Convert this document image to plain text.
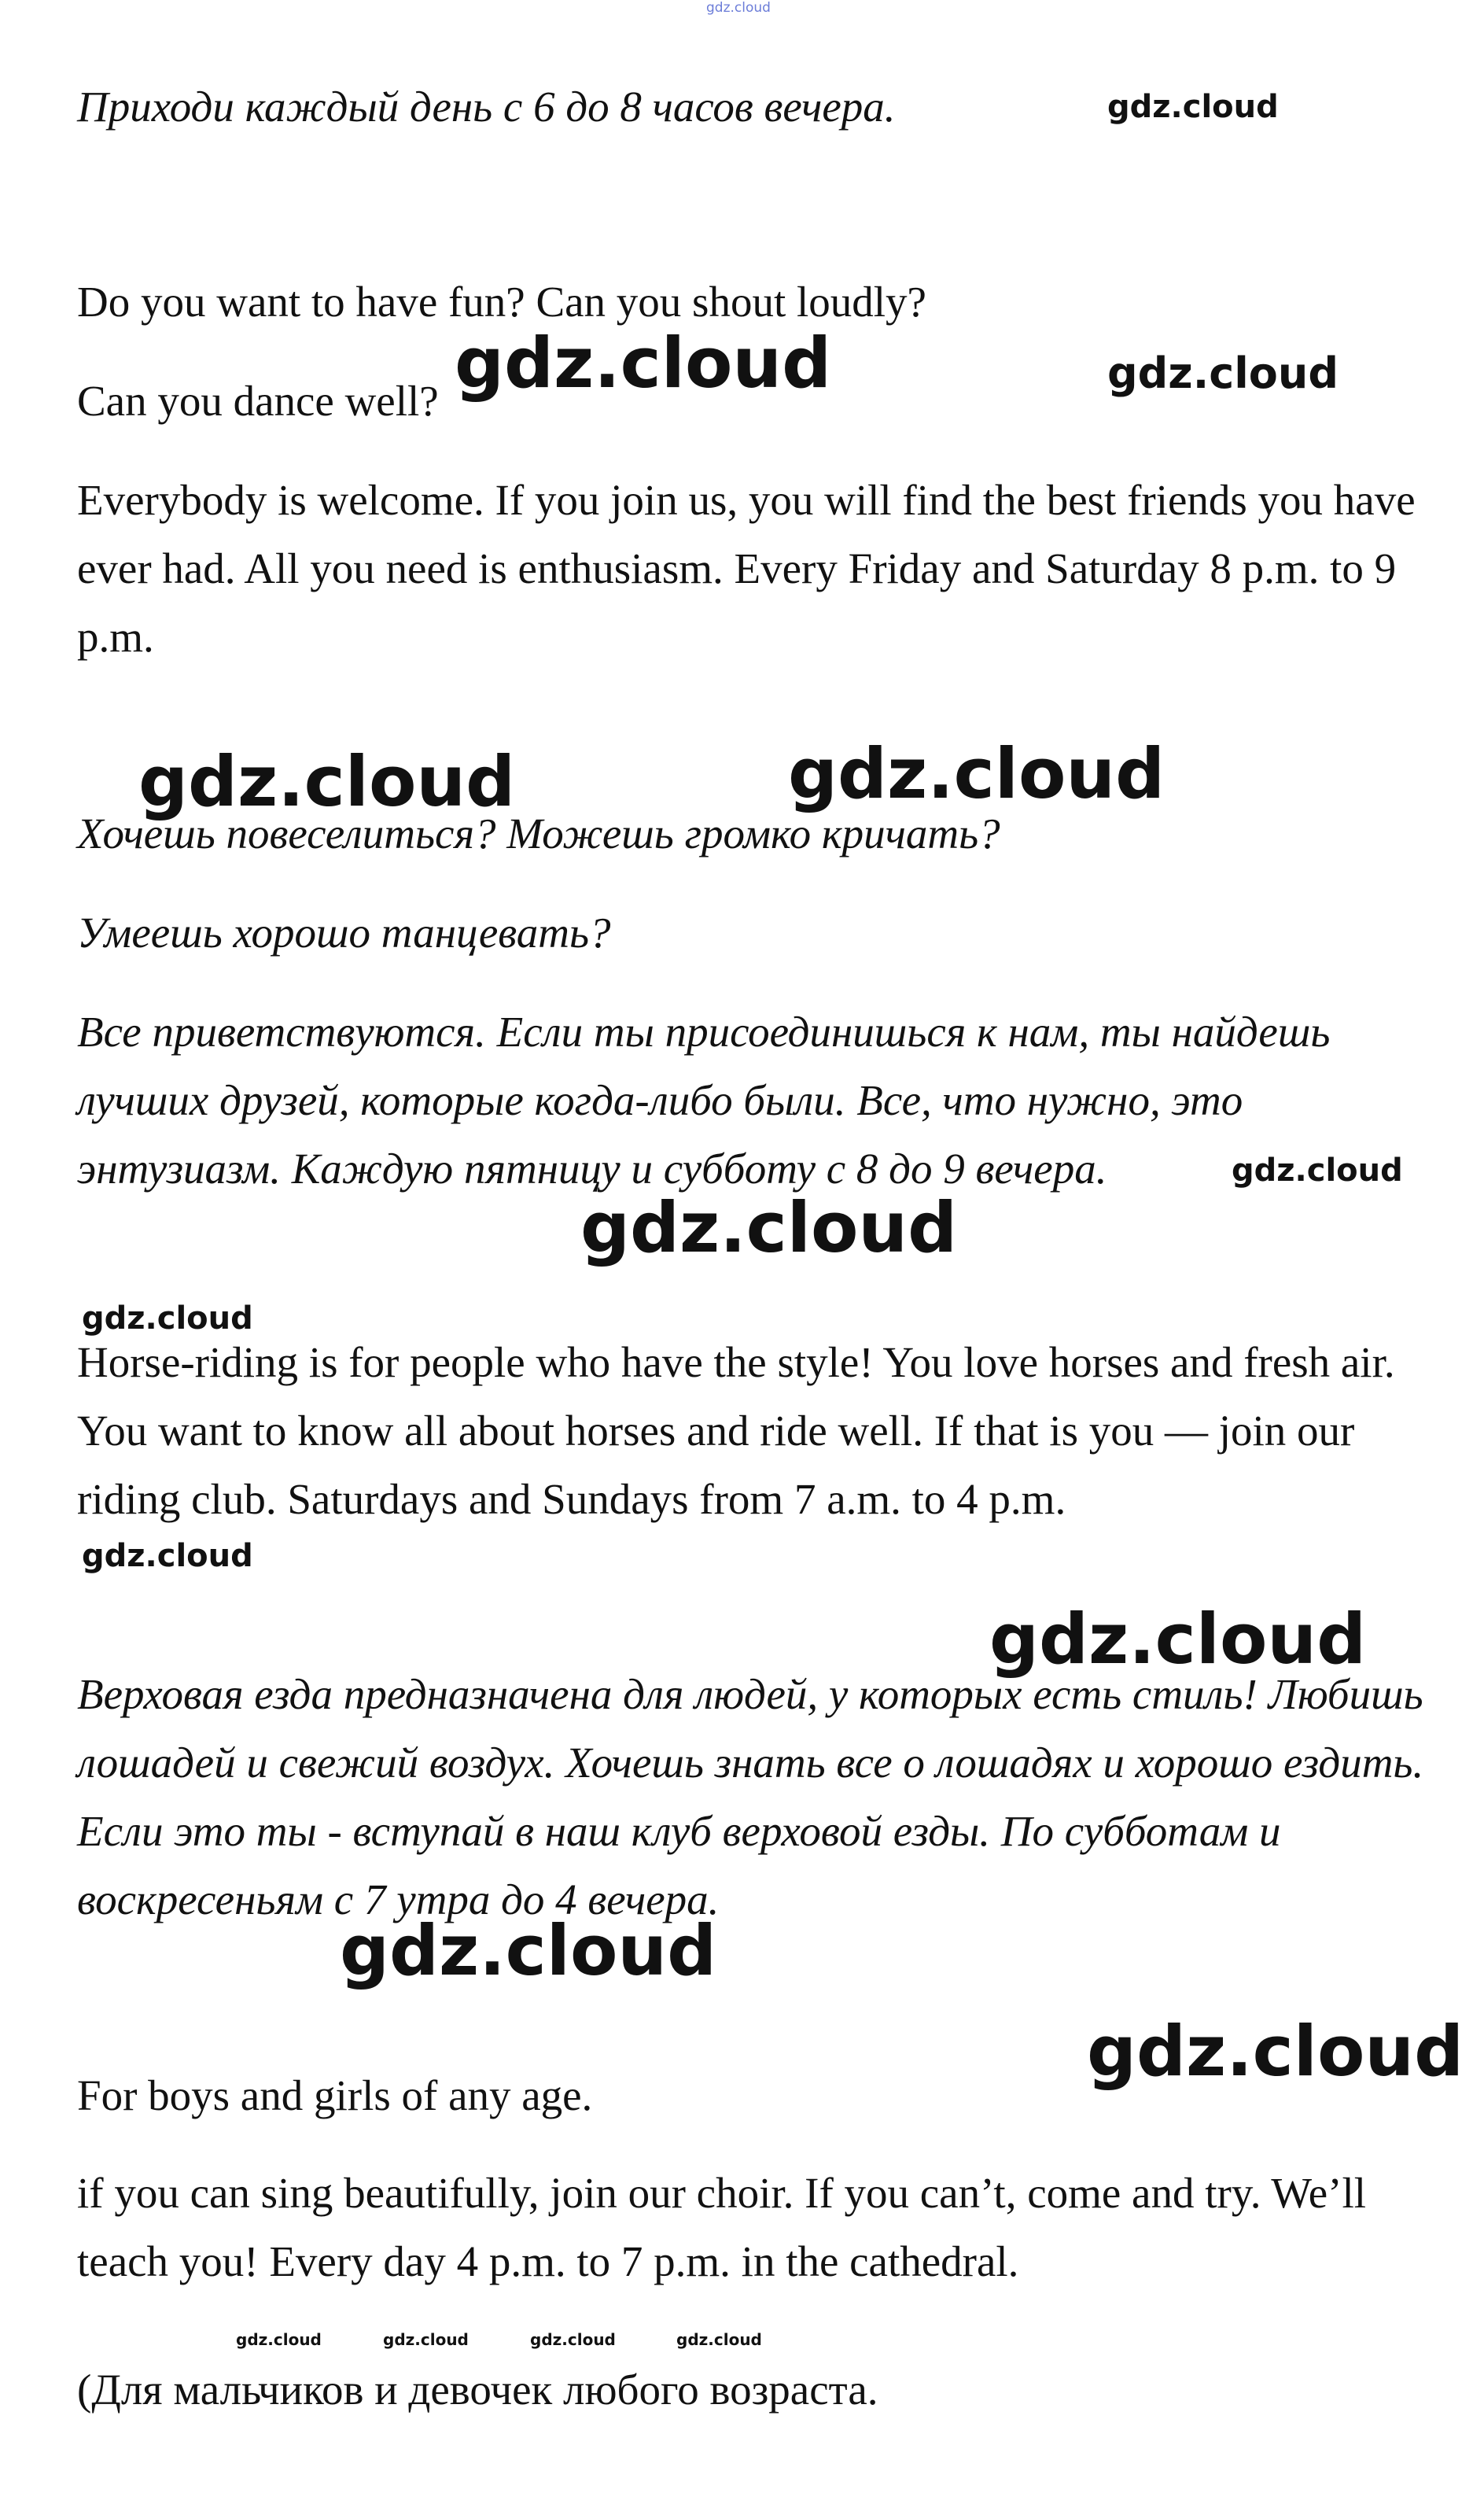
gdz.cloud
gdz.cloud
gdz.cloud	gdz.cloud
gdz.cloud	gdz.cloud
gdz.cloud
gdz.cloud
gdz.cloud
gdz.cloud
gdz.cloud
gdz.cloud
gdz.cloud
gdz.cloud	gdz.cloud	gdz.cloud	gdz.cloud

Приходи каждый день с 6 до 8 часов вечера.

Do you want to have fun? Can you shout loudly?

Can you dance well?

Everybody is welcome. If you join us, you will find the best friends you have ever had. All you need is enthusiasm. Every Friday and Saturday 8 p.m. to 9 p.m.

Хочешь повеселиться? Можешь громко кричать?

Умеешь хорошо танцевать?

Все приветствуются. Если ты присоединишься к нам, ты найдешь лучших друзей, которые когда-либо были. Все, что нужно, это энтузиазм. Каждую пятницу и субботу с 8 до 9 вечера.

Horse-riding is for people who have the style! You love horses and fresh air. You want to know all about horses and ride well. If that is you — join our riding club. Saturdays and Sundays from 7 a.m. to 4 p.m.

Верховая езда предназначена для людей, у которых есть стиль! Любишь лошадей и свежий воздух. Хочешь знать все о лошадях и хорошо ездить. Если это ты - вступай в наш клуб верховой езды. По субботам и воскресеньям с 7 утра до 4 вечера.

For boys and girls of any age.

if you can sing beautifully, join our choir. If you can’t, come and try. We’ll teach you! Every day 4 p.m. to 7 p.m. in the cathedral.

(Для мальчиков и девочек любого возраста.
